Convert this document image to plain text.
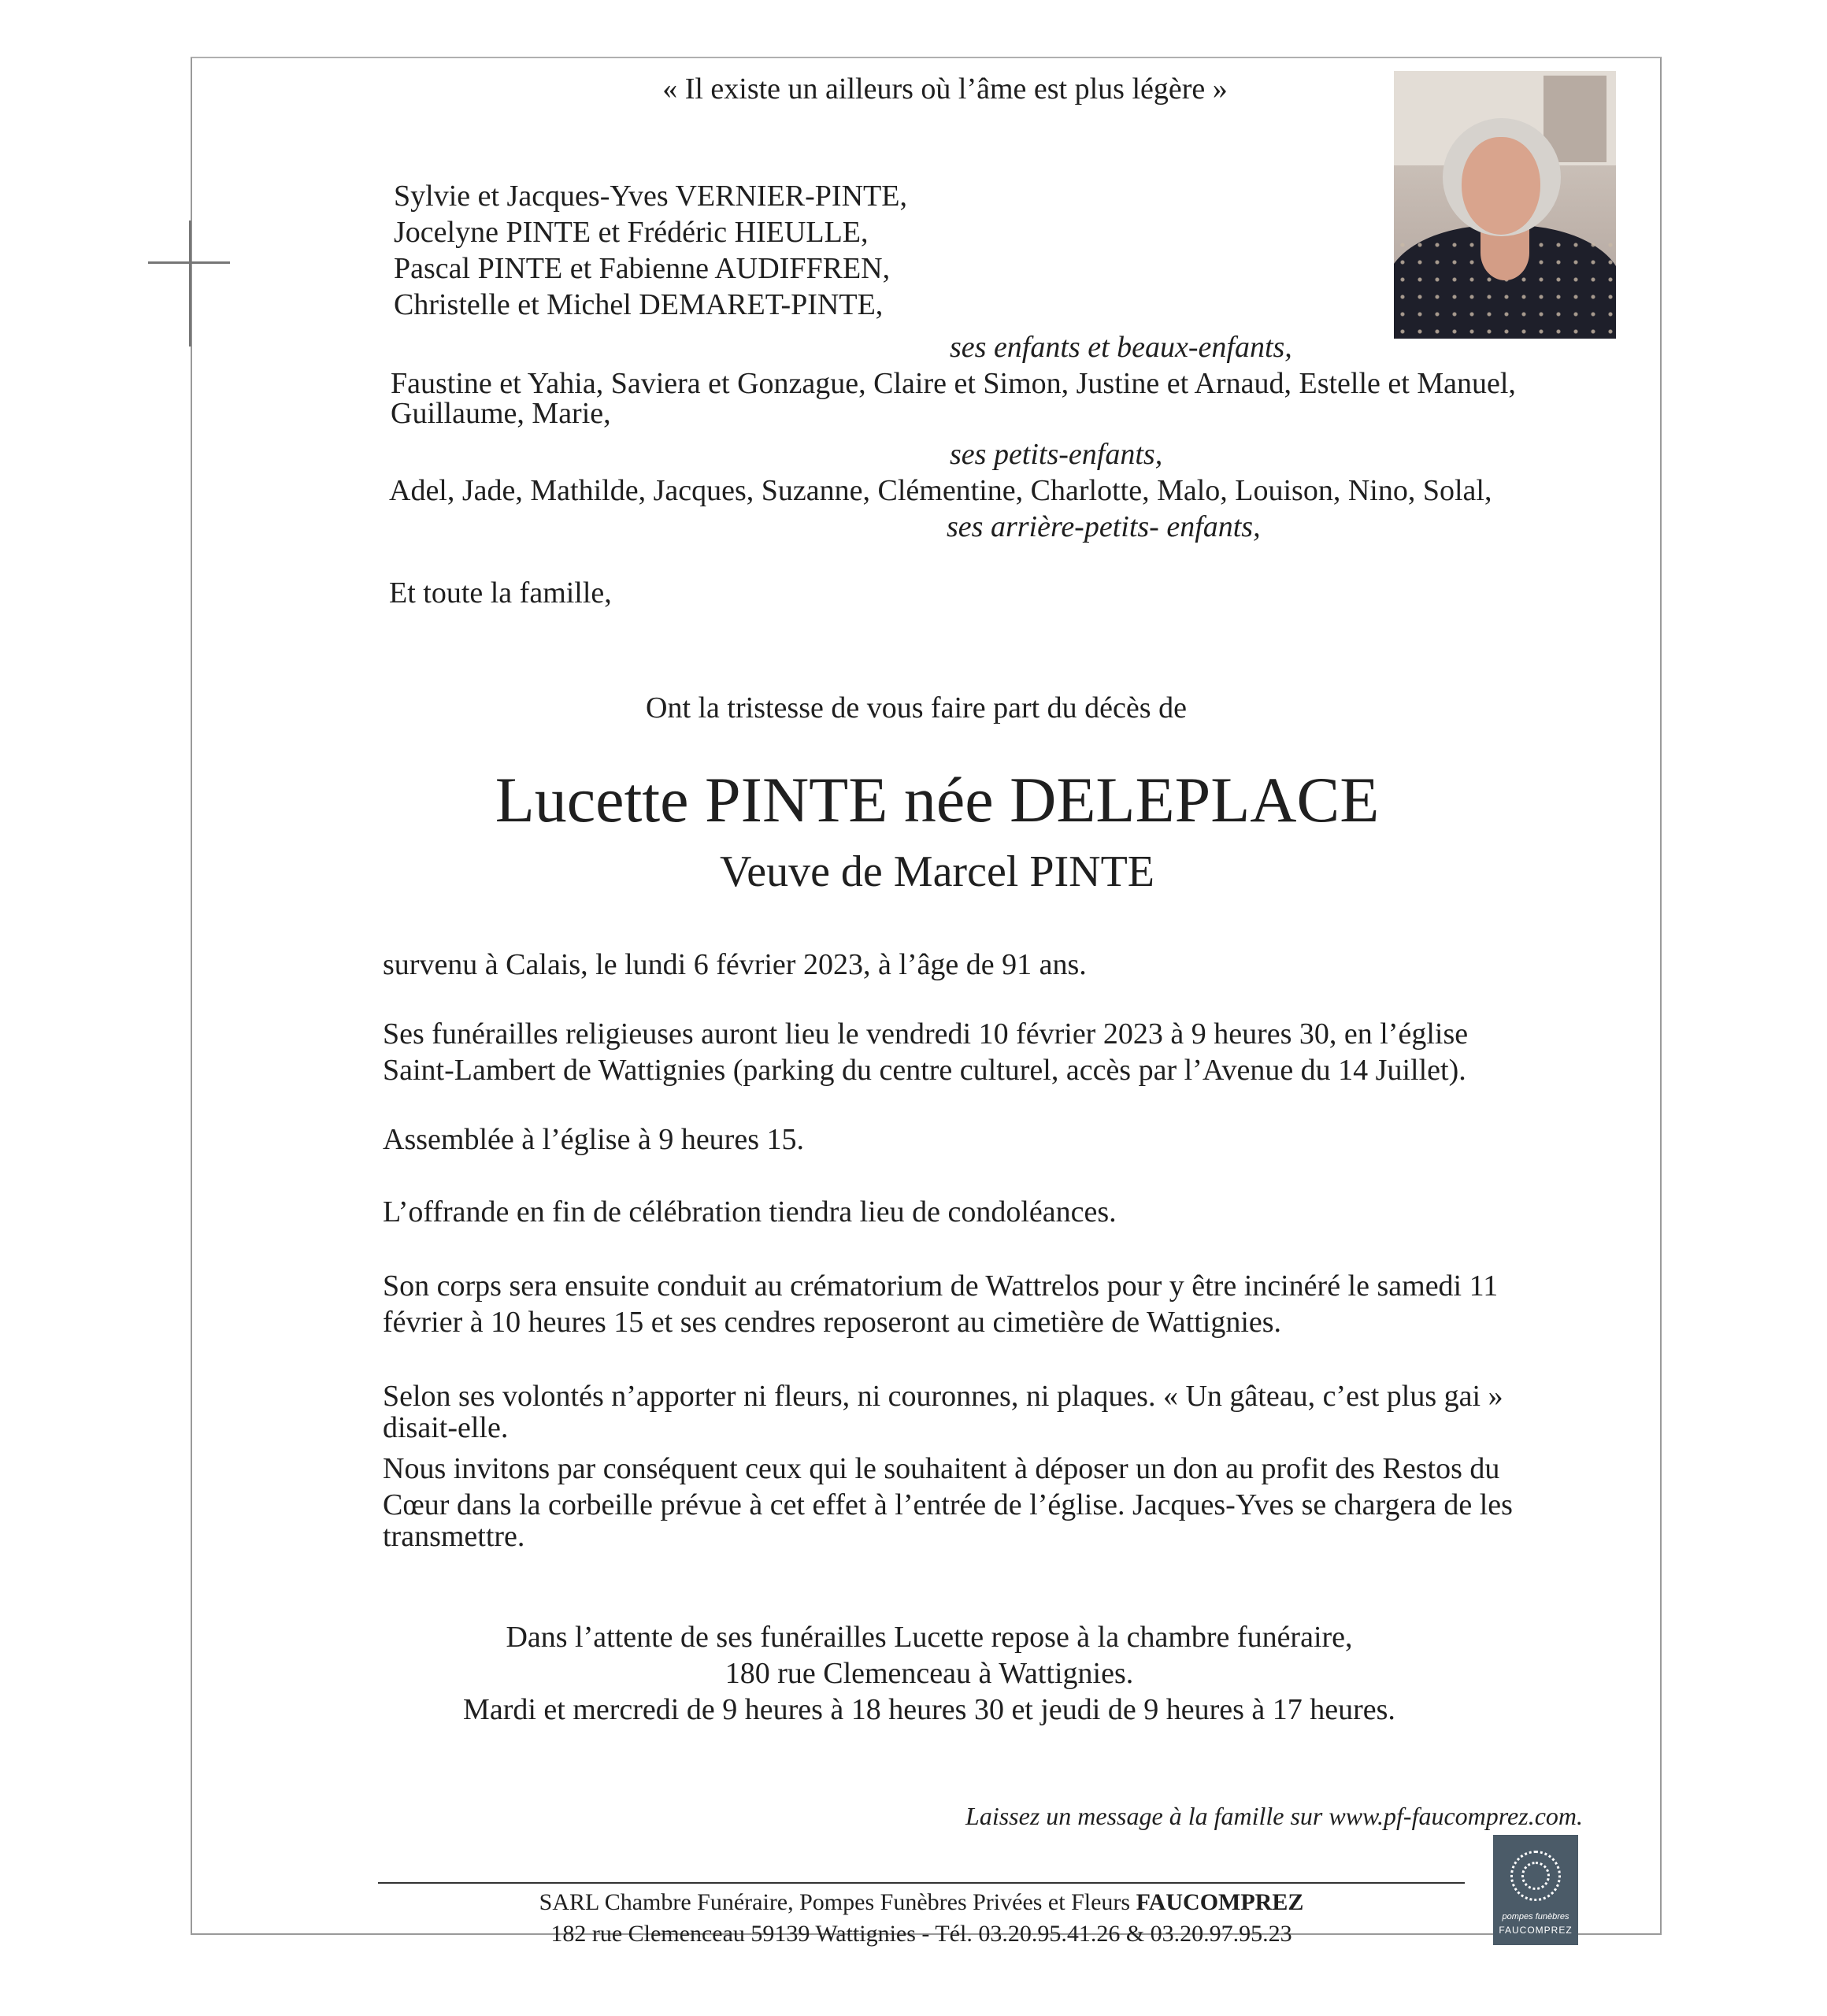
« Il existe un ailleurs où l’âme est plus légère »
Sylvie et Jacques-Yves VERNIER-PINTE,
Jocelyne PINTE et Frédéric HIEULLE,
Pascal PINTE et Fabienne AUDIFFREN,
Christelle et Michel DEMARET-PINTE,
ses enfants et beaux-enfants,
Faustine et Yahia, Saviera et Gonzague, Claire et Simon, Justine et Arnaud, Estelle et Manuel,
Guillaume, Marie,
ses petits-enfants,
Adel, Jade, Mathilde, Jacques, Suzanne, Clémentine, Charlotte, Malo, Louison, Nino, Solal,
ses arrière-petits- enfants,
Et toute la famille,
Ont la tristesse de vous faire part du décès de
Lucette PINTE née DELEPLACE
Veuve de Marcel PINTE
survenu à Calais, le lundi 6 février 2023, à l’âge de 91 ans.
Ses funérailles religieuses auront lieu le vendredi 10 février 2023 à 9 heures 30, en l’église
Saint-Lambert de Wattignies (parking du centre culturel, accès par l’Avenue du 14 Juillet).
Assemblée à l’église à 9 heures 15.
L’offrande en fin de célébration tiendra lieu de condoléances.
Son corps sera ensuite conduit au crématorium de Wattrelos pour y être incinéré le samedi 11
février à 10 heures 15 et ses cendres reposeront au cimetière de Wattignies.
Selon ses volontés n’apporter ni fleurs, ni couronnes, ni plaques. « Un gâteau, c’est plus gai »
disait-elle.
Nous invitons par conséquent ceux qui le souhaitent à déposer un don au profit des Restos du
Cœur dans la corbeille prévue à cet effet à l’entrée de l’église. Jacques-Yves se chargera de les
transmettre.
Dans l’attente de ses funérailles Lucette repose à la chambre funéraire,
180 rue Clemenceau à Wattignies.
Mardi et mercredi de 9 heures à 18 heures 30 et jeudi de 9 heures à 17 heures.
Laissez un message à la famille sur www.pf-faucomprez.com.
SARL Chambre Funéraire, Pompes Funèbres Privées et Fleurs FAUCOMPREZ
182 rue Clemenceau 59139 Wattignies - Tél. 03.20.95.41.26 & 03.20.97.95.23
pompes funèbres
FAUCOMPREZ
